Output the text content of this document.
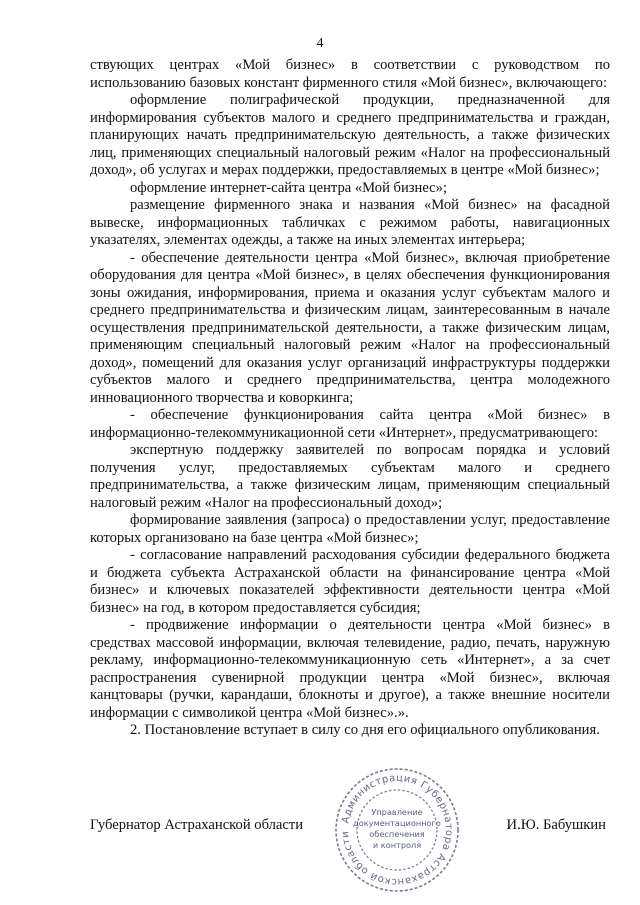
4

ствующих центрах «Мой бизнес» в соответствии с руководством по использованию базовых констант фирменного стиля «Мой бизнес», включающего:

оформление полиграфической продукции, предназначенной для информирования субъектов малого и среднего предпринимательства и граждан, планирующих начать предпринимательскую деятельность, а также физических лиц, применяющих специальный налоговый режим «Налог на профессиональный доход», об услугах и мерах поддержки, предоставляемых в центре «Мой бизнес»;

оформление интернет-сайта центра «Мой бизнес»;

размещение фирменного знака и названия «Мой бизнес» на фасадной вывеске, информационных табличках с режимом работы, навигационных указателях, элементах одежды, а также на иных элементах интерьера;

- обеспечение деятельности центра «Мой бизнес», включая приобретение оборудования для центра «Мой бизнес», в целях обеспечения функционирования зоны ожидания, информирования, приема и оказания услуг субъектам малого и среднего предпринимательства и физическим лицам, заинтересованным в начале осуществления предпринимательской деятельности, а также физическим лицам, применяющим специальный налоговый режим «Налог на профессиональный доход», помещений для оказания услуг организаций инфраструктуры поддержки субъектов малого и среднего предпринимательства, центра молодежного инновационного творчества и коворкинга;

- обеспечение функционирования сайта центра «Мой бизнес» в информационно-телекоммуникационной сети «Интернет», предусматривающего:

экспертную поддержку заявителей по вопросам порядка и условий получения услуг, предоставляемых субъектам малого и среднего предпринимательства, а также физическим лицам, применяющим специальный налоговый режим «Налог на профессиональный доход»;

формирование заявления (запроса) о предоставлении услуг, предоставление которых организовано на базе центра «Мой бизнес»;

- согласование направлений расходования субсидии федерального бюджета и бюджета субъекта Астраханской области на финансирование центра «Мой бизнес» и ключевых показателей эффективности деятельности центра «Мой бизнес» на год, в котором предоставляется субсидия;

- продвижение информации о деятельности центра «Мой бизнес» в средствах массовой информации, включая телевидение, радио, печать, наружную рекламу, информационно-телекоммуникационную сеть «Интернет», а за счет распространения сувенирной продукции центра «Мой бизнес», включая канцтовары (ручки, карандаши, блокноты и другое), а также внешние носители информации с символикой центра «Мой бизнес».».

2. Постановление вступает в силу со дня его официального опубликования.

Губернатор Астраханской области	И.Ю. Бабушкин
Администрация Губернатора Астраханской области
Управление
документационного
обеспечения
и контроля
